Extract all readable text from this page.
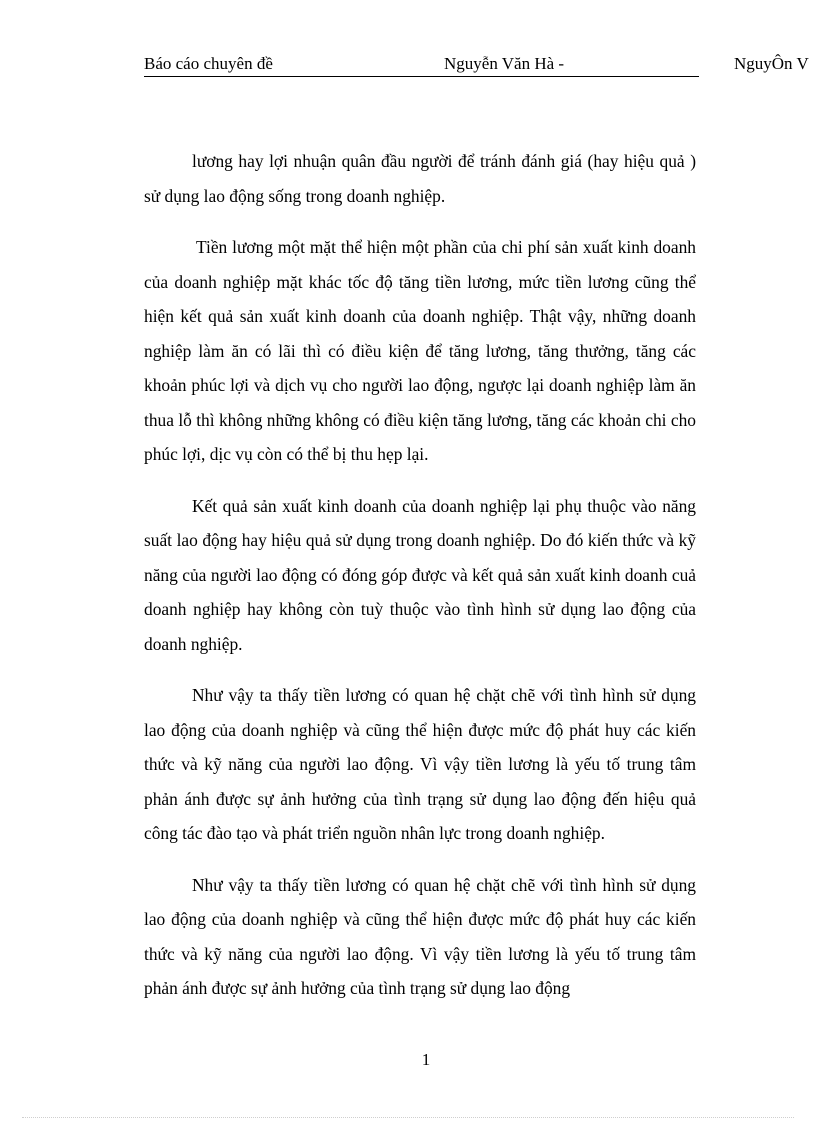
Báo cáo chuyên đề	Nguyễn Văn Hà -	NguyÔn V

lương hay lợi nhuận quân đầu người để tránh đánh giá (hay hiệu quả ) sử dụng lao động sống trong doanh nghiệp.

Tiền lương một mặt thể hiện một phần của chi phí sản xuất kinh doanh của doanh nghiệp mặt khác tốc độ tăng tiền lương, mức tiền lương cũng thể hiện kết quả sản xuất kinh doanh của doanh nghiệp. Thật vậy, những doanh nghiệp làm ăn có lãi thì có điều kiện để tăng lương, tăng thưởng, tăng các khoản phúc lợi và dịch vụ cho người lao động, ngược lại doanh nghiệp làm ăn thua lỗ thì không những không có điều kiện tăng lương, tăng các khoản chi cho phúc lợi, dịc vụ còn có thể bị thu hẹp lại.

Kết quả sản xuất kinh doanh của doanh nghiệp lại phụ thuộc vào năng suất lao động hay hiệu quả sử dụng trong doanh nghiệp. Do đó kiến thức và kỹ năng của người lao động có đóng góp được và kết quả sản xuất kinh doanh cuả doanh nghiệp hay không còn tuỳ thuộc vào tình hình sử dụng lao động của doanh nghiệp.

Như vậy ta thấy tiền lương có quan hệ chặt chẽ với tình hình sử dụng lao động của doanh nghiệp và cũng thể hiện được mức độ phát huy các kiến thức và kỹ năng của người lao động. Vì vậy tiền lương là yếu tố trung tâm phản ánh được sự ảnh hưởng của tình trạng sử dụng lao động đến hiệu quả công tác đào tạo và phát triển nguồn nhân lực trong doanh nghiệp.

Như vậy ta thấy tiền lương có quan hệ chặt chẽ với tình hình sử dụng lao động của doanh nghiệp và cũng thể hiện được mức độ phát huy các kiến thức và kỹ năng của người lao động. Vì vậy tiền lương là yếu tố trung tâm phản ánh được sự ảnh hưởng của tình trạng sử dụng lao động

1
